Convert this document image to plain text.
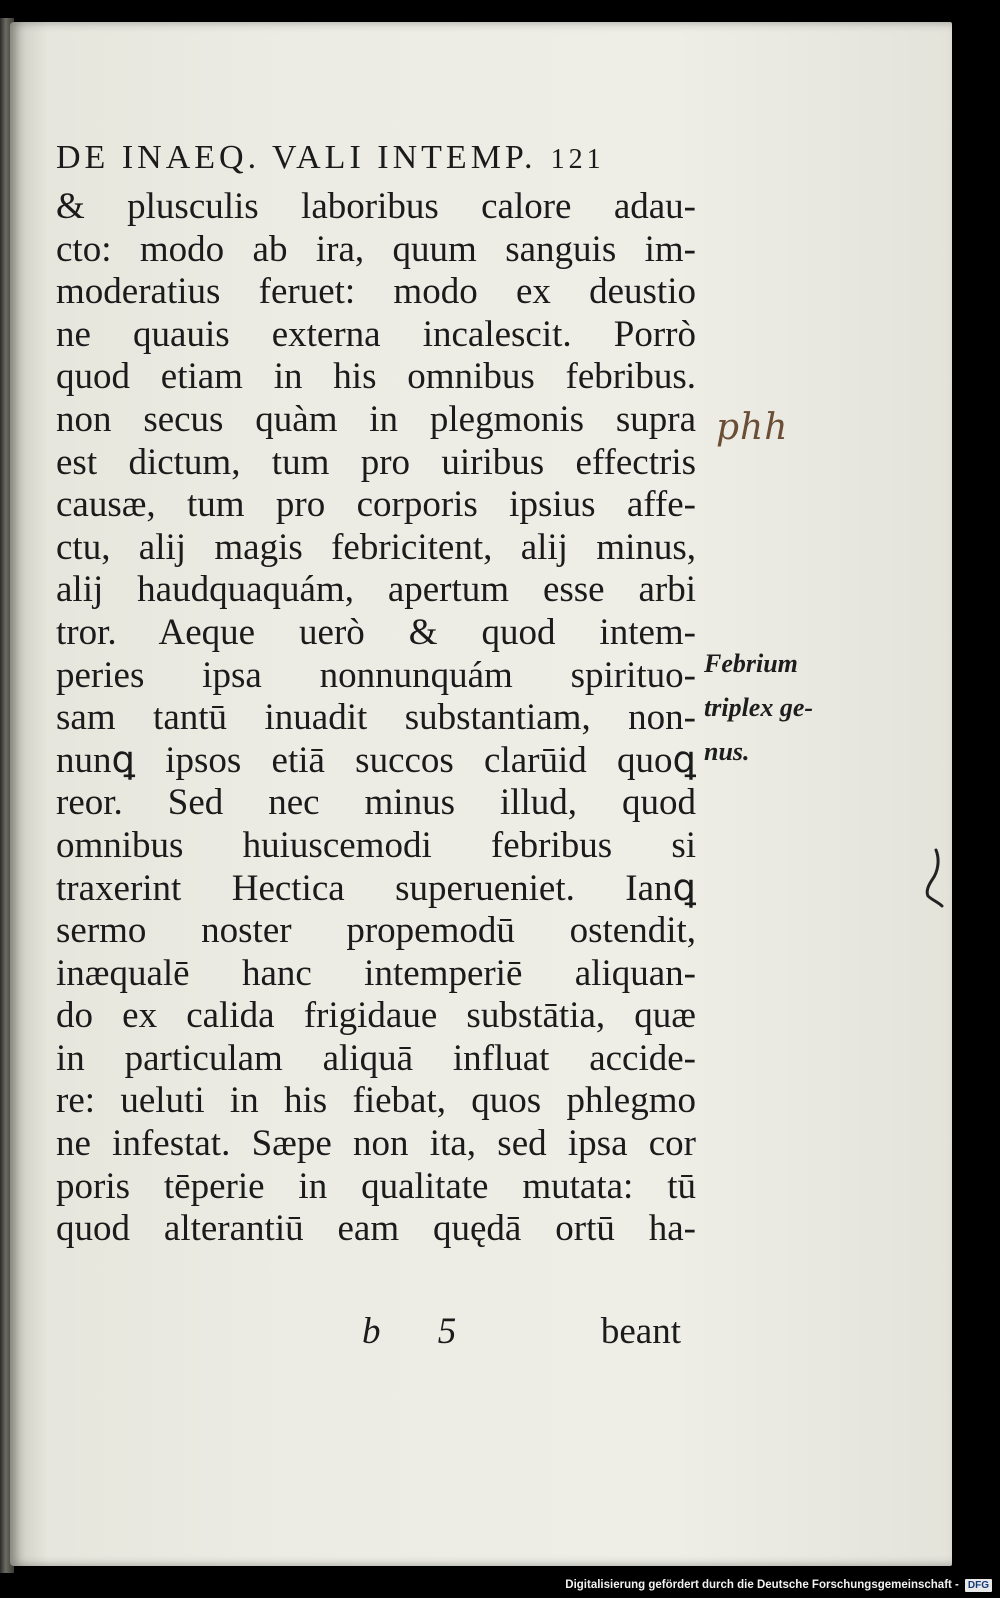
DE INAEQ. VALI INTEMP. 121
& plusculis laboribus calore adau-
cto: modo ab ira, quum sanguis im-
moderatius feruet: modo ex deustio
ne quauis externa incalescit. Porrò
quod etiam in his omnibus febribus.
non secus quàm in plegmonis supra
est dictum, tum pro uiribus effectris
causæ, tum pro corporis ipsius affe-
ctu, alij magis febricitent, alij minus,
alij haudquaquám, apertum esse arbi
tror. Aeque uerò & quod intem-
peries ipsa nonnunquám spirituo-
sam tantū inuadit substantiam, non-
nunꝗ ipsos etiā succos clarūid quoꝗ
reor. Sed nec minus illud, quod
omnibus huiuscemodi febribus si
traxerint Hectica superueniet. Ianꝗ
sermo noster propemodū ostendit,
inæqualē hanc intemperiē aliquan-
do ex calida frigidaue substātia, quæ
in particulam aliquā influat accide-
re: ueluti in his fiebat, quos phlegmo
ne infestat. Sæpe non ita, sed ipsa cor
poris tēperie in qualitate mutata: tū
quod alterantiū eam quędā ortū ha-
b 5	beant
Febrium
triplex ge-
nus.
phh
Digitalisierung gefördert durch die Deutsche Forschungsgemeinschaft - DFG
